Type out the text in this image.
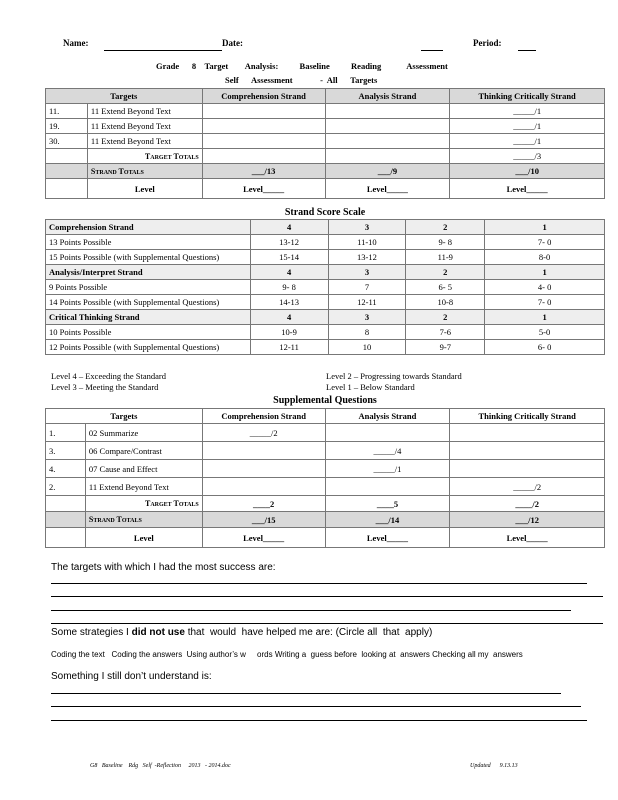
Name:	Date:	Period:
Grade      8    Target        Analysis:          Baseline          Reading            Assessment
Self      Assessment             -  All      Targets
Targets		Comprehension Strand	Analysis Strand	Thinking Critically Strand
11.	11 Extend Beyond Text			_____/1
19.	11 Extend Beyond Text			_____/1
30.	11 Extend Beyond Text			_____/1
	Target Totals			_____/3
	Strand Totals	___/13	___/9	___/10
	Level	Level_____	Level_____	Level_____
Strand Score Scale
Comprehension Strand	4	3	2	1
13 Points Possible	13-12	11-10	9- 8	7- 0
15 Points Possible (with Supplemental Questions)	15-14	13-12	11-9	8-0
Analysis/Interpret Strand	4	3	2	1
9 Points Possible	9- 8	7	6- 5	4- 0
14 Points Possible (with Supplemental Questions)	14-13	12-11	10-8	7- 0
Critical Thinking Strand	4	3	2	1
10 Points Possible	10-9	8	7-6	5-0
12 Points Possible (with Supplemental Questions)	12-11	10	9-7	6- 0
Level 4 – Exceeding the Standard
Level 3 – Meeting the Standard
Level 2 – Progressing towards Standard
Level 1 – Below Standard
Supplemental Questions
Targets		Comprehension Strand	Analysis Strand	Thinking Critically Strand
1.	02 Summarize	_____/2		
3.	06 Compare/Contrast		_____/4	
4.	07 Cause and Effect		_____/1	
2.	11 Extend Beyond Text			_____/2
	Target Totals	____2	____5	____/2
	Strand Totals	___/15	___/14	___/12
	Level	Level_____	Level_____	Level_____
The targets with which I had the most success are:
Some strategies I did not use that  would  have helped me are: (Circle all  that  apply)
Coding the text   Coding the answers  Using author’s w     ords Writing a  guess before  looking at  answers Checking all my  answers
Something I still don’t understand is:
G8   Baseline    Rdg   Self  -Reflection     2013   - 2014.doc	Updated      9.13.13
